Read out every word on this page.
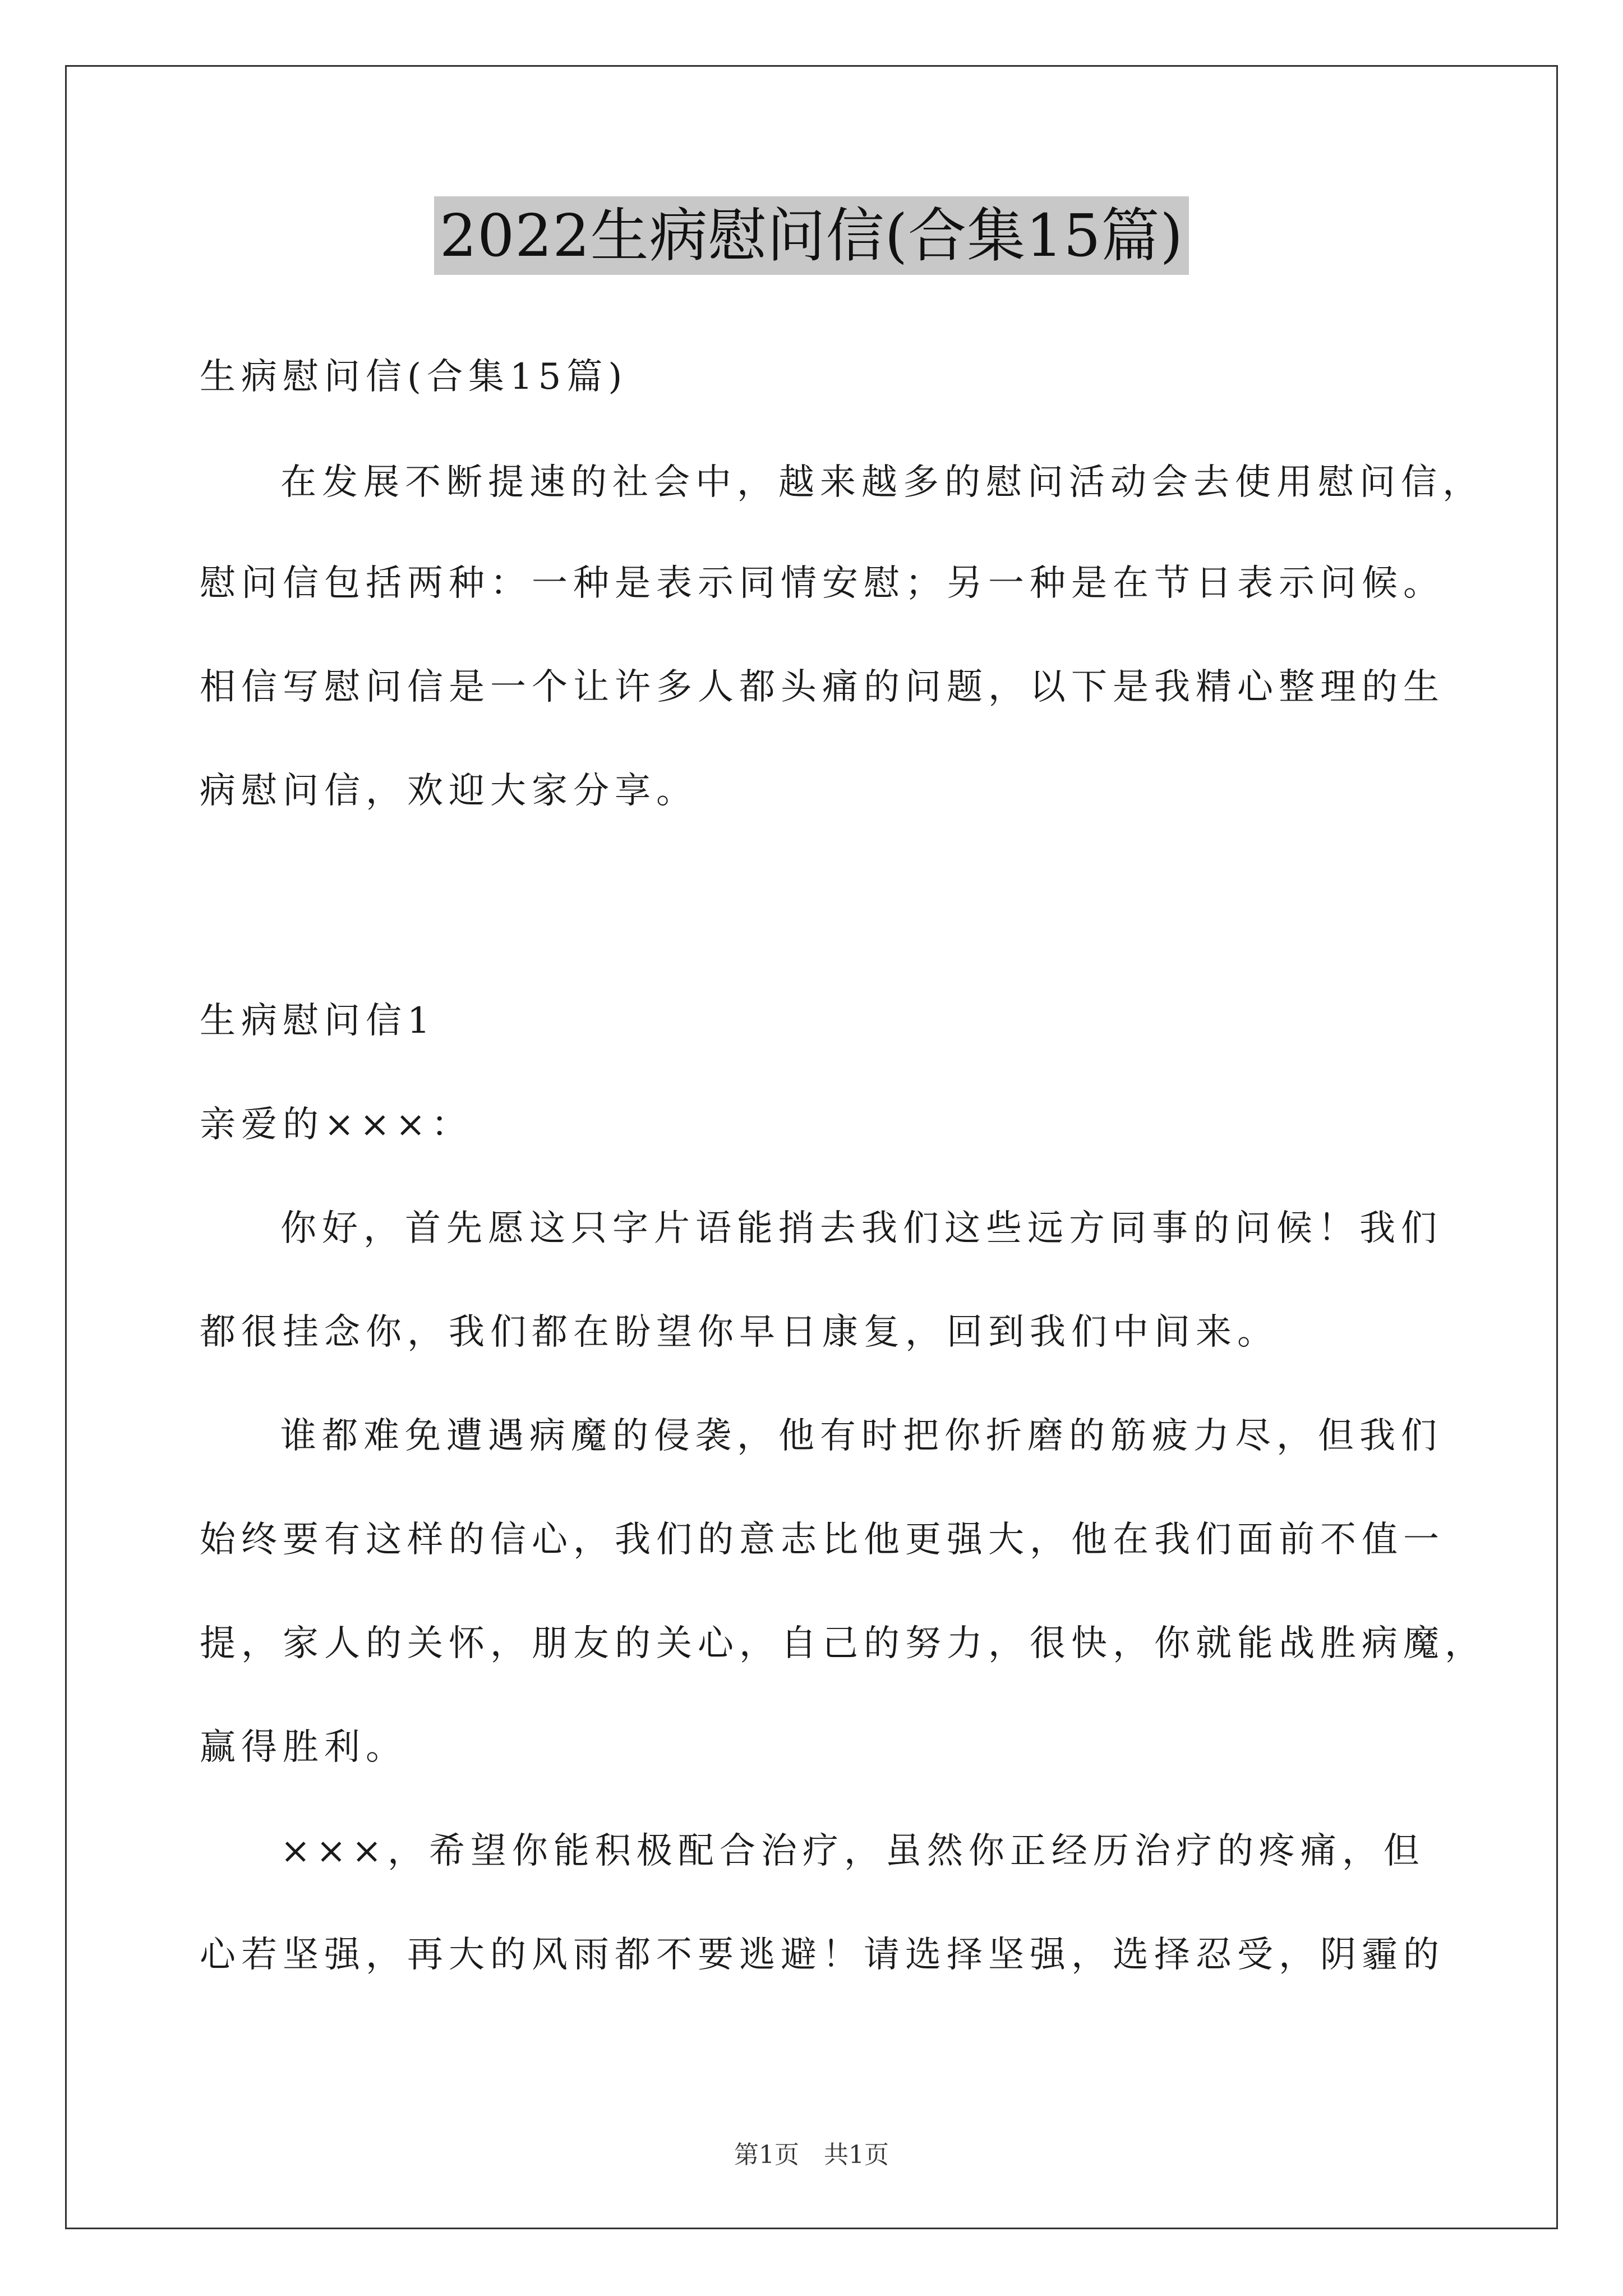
2022生病慰问信(合集15篇)
生病慰问信(合集15篇)
在发展不断提速的社会中，越来越多的慰问活动会去使用慰问信，
慰问信包括两种：一种是表示同情安慰；另一种是在节日表示问候。
相信写慰问信是一个让许多人都头痛的问题，以下是我精心整理的生
病慰问信，欢迎大家分享。
生病慰问信1
亲爱的×××：
你好，首先愿这只字片语能捎去我们这些远方同事的问候！我们
都很挂念你，我们都在盼望你早日康复，回到我们中间来。
谁都难免遭遇病魔的侵袭，他有时把你折磨的筋疲力尽，但我们
始终要有这样的信心，我们的意志比他更强大，他在我们面前不值一
提，家人的关怀，朋友的关心，自己的努力，很快，你就能战胜病魔，
赢得胜利。
×××，希望你能积极配合治疗，虽然你正经历治疗的疼痛，但
心若坚强，再大的风雨都不要逃避！请选择坚强，选择忍受，阴霾的
第1页　共1页
